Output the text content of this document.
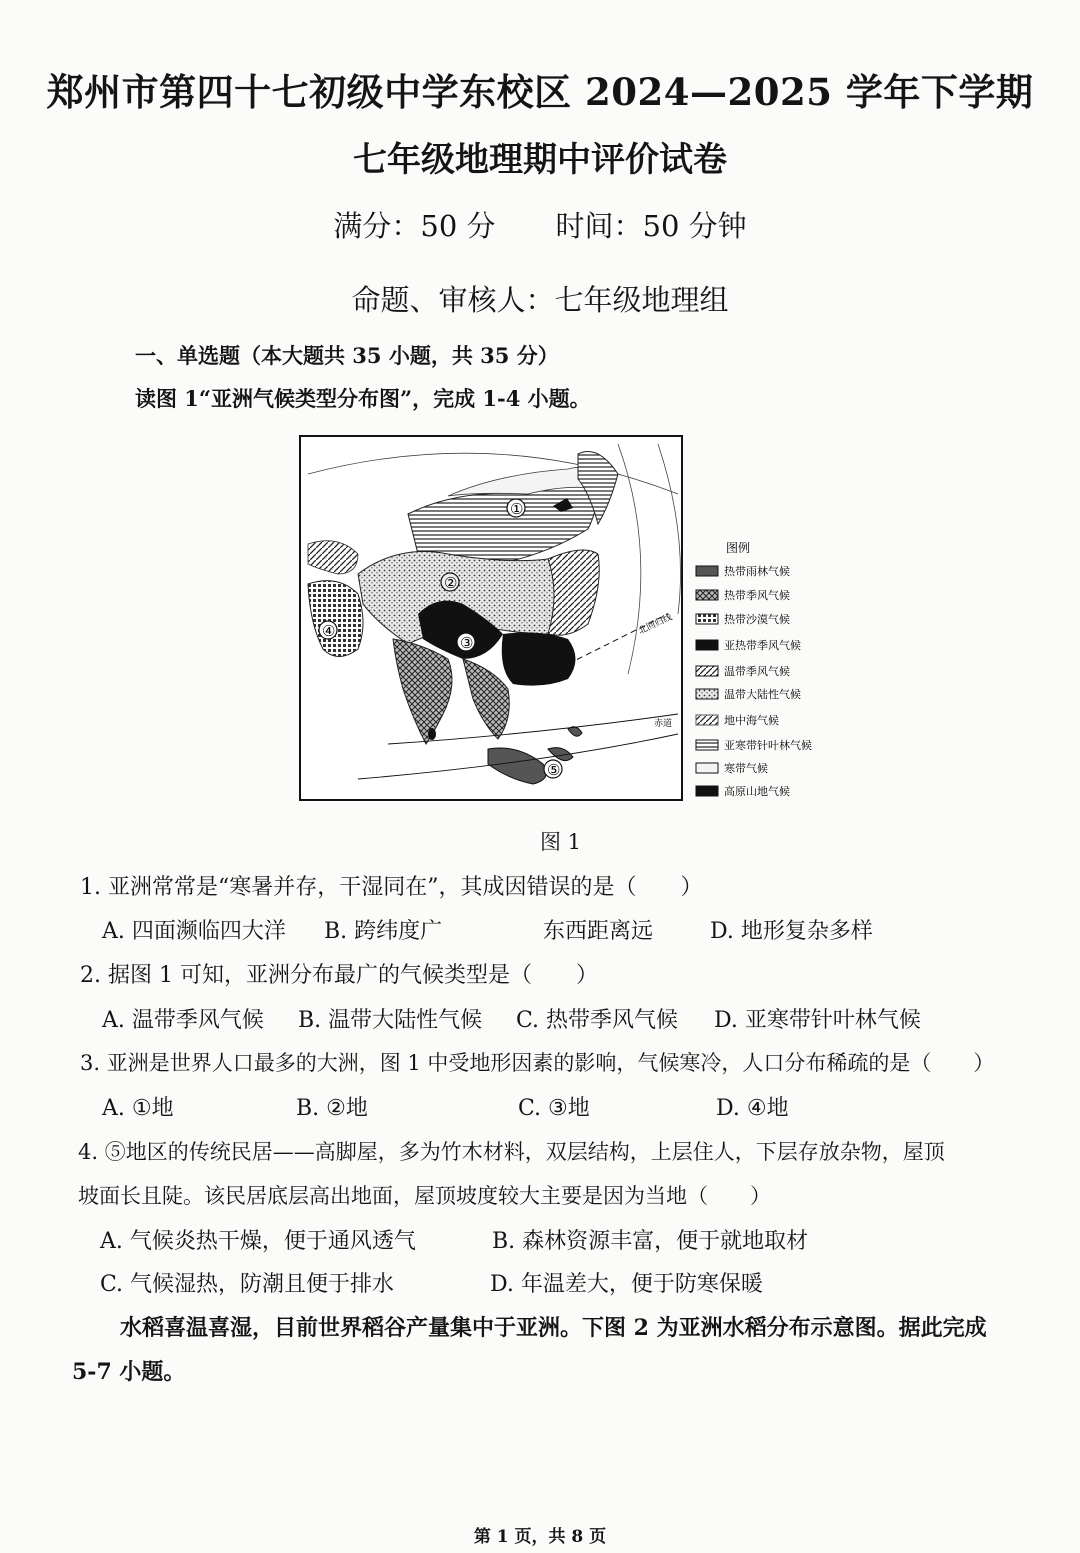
郑州市第四十七初级中学东校区 2024—2025 学年下学期
七年级地理期中评价试卷
满分：50 分 时间：50 分钟
命题、审核人：七年级地理组
一、单选题（本大题共 35 小题，共 35 分）
读图 1“亚洲气候类型分布图”，完成 1-4 小题。
北回归线
赤道
①
②
③
④
⑤
图例
热带雨林气候
热带季风气候
热带沙漠气候
亚热带季风气候
温带季风气候
温带大陆性气候
地中海气候
亚寒带针叶林气候
寒带气候
高原山地气候
图 1
1. 亚洲常常是“寒暑并存，干湿同在”，其成因错误的是（　　）
A. 四面濒临四大洋 B. 跨纬度广	东西距离远	D. 地形复杂多样
2. 据图 1 可知，亚洲分布最广的气候类型是（　　）
A. 温带季风气候 B. 温带大陆性气候 C. 热带季风气候 D. 亚寒带针叶林气候
3. 亚洲是世界人口最多的大洲，图 1 中受地形因素的影响，气候寒冷，人口分布稀疏的是（　　）
A. ①地	B. ②地	C. ③地	D. ④地
4. ⑤地区的传统民居——高脚屋，多为竹木材料，双层结构，上层住人，下层存放杂物，屋顶
坡面长且陡。该民居底层高出地面，屋顶坡度较大主要是因为当地（　　）
A. 气候炎热干燥，便于通风透气	B. 森林资源丰富，便于就地取材
C. 气候湿热，防潮且便于排水	D. 年温差大，便于防寒保暖
水稻喜温喜湿，目前世界稻谷产量集中于亚洲。下图 2 为亚洲水稻分布示意图。据此完成
5-7 小题。
第 1 页，共 8 页
